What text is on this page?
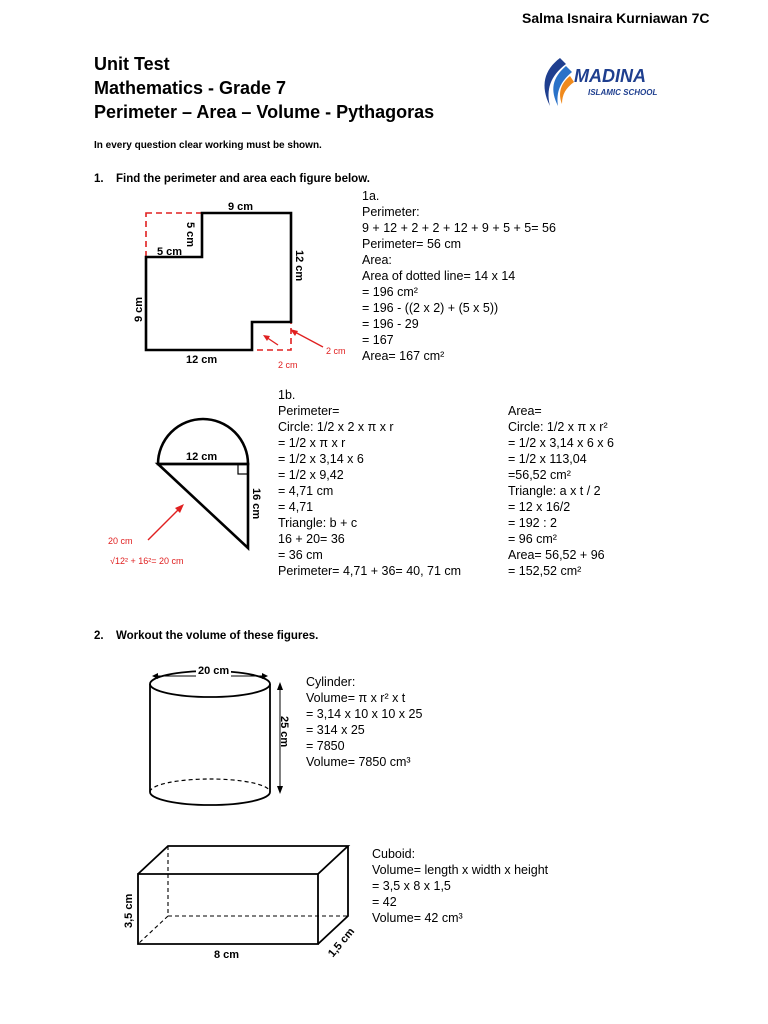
Salma Isnaira Kurniawan 7C
Unit Test
Mathematics - Grade 7
Perimeter – Area – Volume - Pythagoras
MADINA
ISLAMIC SCHOOL
In every question clear working must be shown.
1. Find the perimeter and area each figure below.
9 cm
5 cm
5 cm	12 cm
9 cm
12 cm
2 cm
2 cm
1a.
Perimeter:
9 + 12 + 2 + 2 + 12 + 9 + 5 + 5= 56
Perimeter= 56 cm
Area:
Area of dotted line= 14 x 14
= 196 cm²
= 196 - ((2 x 2) + (5 x 5))
= 196 - 29
= 167
Area= 167 cm²
12 cm
16 cm
20 cm
√12² + 16²= 20 cm
1b.
Perimeter=
Circle: 1/2 x 2 x π x r
= 1/2 x π x r
= 1/2 x 3,14 x 6
= 1/2 x 9,42
= 4,71 cm
= 4,71
Triangle: b + c
16 + 20= 36
= 36 cm
Perimeter= 4,71 + 36= 40, 71 cm
Area=
Circle: 1/2 x π x r²
= 1/2 x 3,14 x 6 x 6
= 1/2 x 113,04
=56,52 cm²
Triangle: a x t / 2
= 12 x 16/2
= 192 : 2
= 96 cm²
Area= 56,52 + 96
= 152,52 cm²
2. Workout the volume of these figures.
20 cm
25 cm
Cylinder:
Volume= π x r² x t
= 3,14 x 10 x 10 x 25
= 314 x 25
= 7850
Volume= 7850 cm³
3,5 cm
8 cm	1,5 cm
Cuboid:
Volume= length x width x height
= 3,5 x 8 x 1,5
= 42
Volume= 42 cm³
